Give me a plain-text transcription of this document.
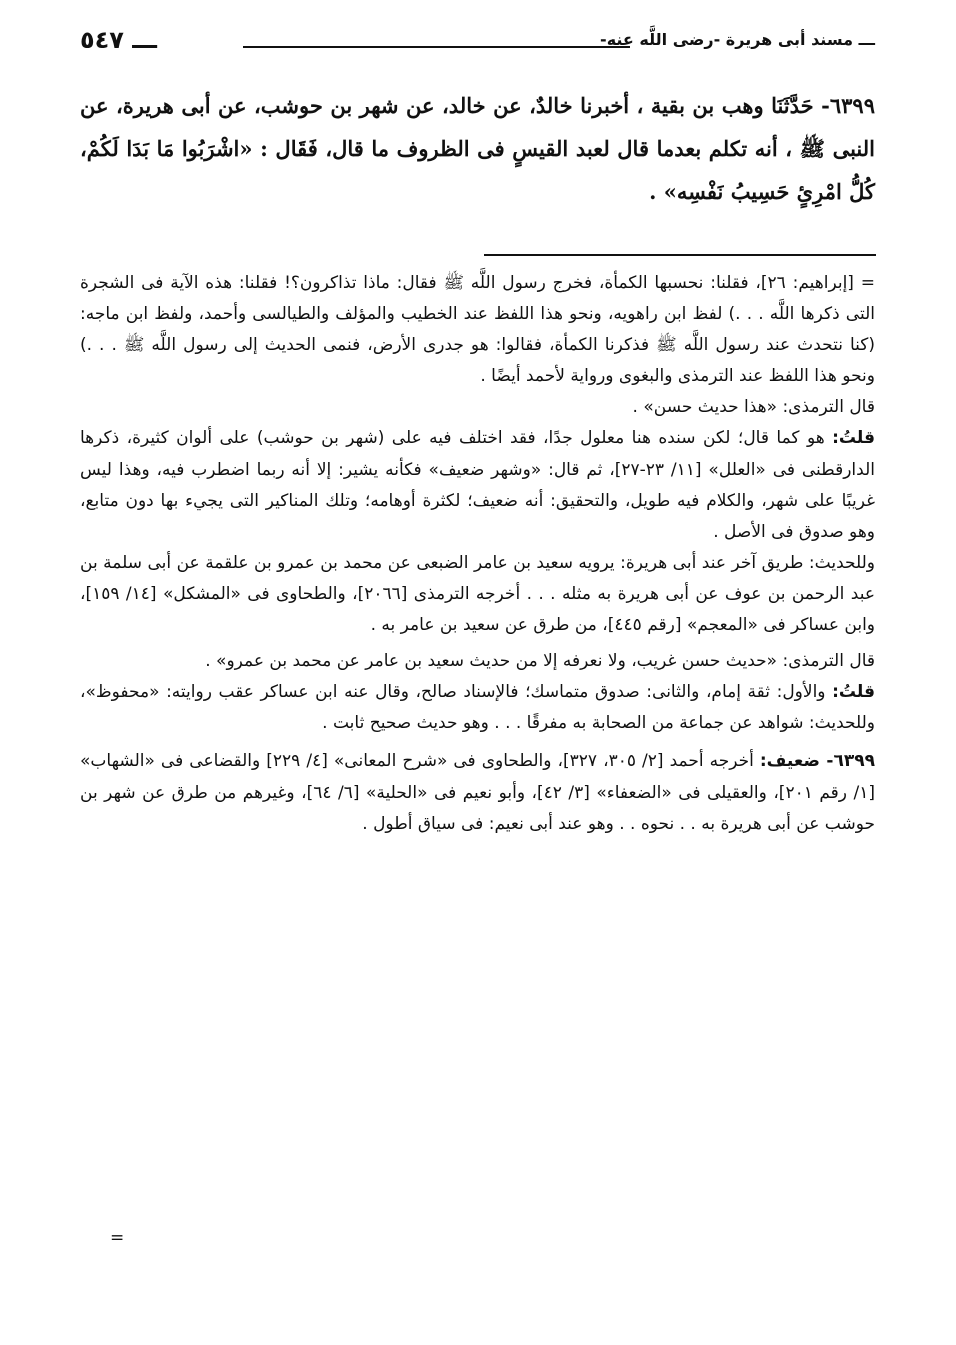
ـــ مسند أبى هريرة -رضى اللَّه عنه-
ـــ ٥٤٧
٦٣٩٩- حَدَّثَنَا وهب بن بقية ، أخبرنا خالدٌ، عن خالد، عن شهر بن حوشب، عن أبى هريرة، عن النبى ﷺ ، أنه تكلم بعدما قال لعبد القيسٍ فى الظروف ما قال، فَقَال : «اشْرَبُوا مَا بَدَا لَكُمْ، كُلُّ امْرِئٍ حَسِيبُ نَفْسِه» .

= [إبراهيم: ٢٦]، فقلنا: نحسبها الكمأة، فخرج رسول اللَّه ﷺ فقال: ماذا تذاكرون؟! فقلنا: هذه الآية فى الشجرة التى ذكرها اللَّه . . .) لفظ ابن راهويه، ونحو هذا اللفظ عند الخطيب والمؤلف والطيالسى وأحمد، ولفظ ابن ماجه: (كنا نتحدث عند رسول اللَّه ﷺ فذكرنا الكمأة، فقالوا: هو جدرى الأرض، فنمى الحديث إلى رسول اللَّه ﷺ . . .) ونحو هذا اللفظ عند الترمذى والبغوى ورواية لأحمد أيضًا .

قال الترمذى: «هذا حديث حسن» .

قلتُ: هو كما قال؛ لكن سنده هنا معلول جدًا، فقد اختلف فيه على (شهر بن حوشب) على ألوان كثيرة، ذكرها الدارقطنى فى «العلل» [١١/ ٢٣-٢٧]، ثم قال: «وشهر ضعيف» فكأنه يشير: إلا أنه ربما اضطرب فيه، وهذا ليس غريبًا على شهر، والكلام فيه طويل، والتحقيق: أنه ضعيف؛ لكثرة أوهامه؛ وتلك المناكير التى يجيء بها دون متابع، وهو صدوق فى الأصل .

وللحديث: طريق آخر عند أبى هريرة: يرويه سعيد بن عامر الضبعى عن محمد بن عمرو بن علقمة عن أبى سلمة بن عبد الرحمن بن عوف عن أبى هريرة به مثله . . . أخرجه الترمذى [٢٠٦٦]، والطحاوى فى «المشكل» [١٤/ ١٥٩]، وابن عساكر فى «المعجم» [رقم ٤٤٥]، من طرق عن سعيد بن عامر به .

قال الترمذى: «حديث حسن غريب، ولا نعرفه إلا من حديث سعيد بن عامر عن محمد بن عمرو» .

قلتُ: والأول: ثقة إمام، والثانى: صدوق متماسك؛ فالإسناد صالح، وقال عنه ابن عساكر عقب روايته: «محفوظ»، وللحديث: شواهد عن جماعة من الصحابة به مفرقًا . . . وهو حديث صحيح ثابت .

٦٣٩٩- ضعيف: أخرجه أحمد [٢/ ٣٠٥، ٣٢٧]، والطحاوى فى «شرح المعانى» [٤/ ٢٢٩] والقضاعى فى «الشهاب» [١/ رقم ٢٠١]، والعقيلى فى «الضعفاء» [٣/ ٤٢]، وأبو نعيم فى «الحلية» [٦/ ٦٤]، وغيرهم من طرق عن شهر بن حوشب عن أبى هريرة به . . نحوه . . وهو عند أبى نعيم: فى سياق أطول .

=
